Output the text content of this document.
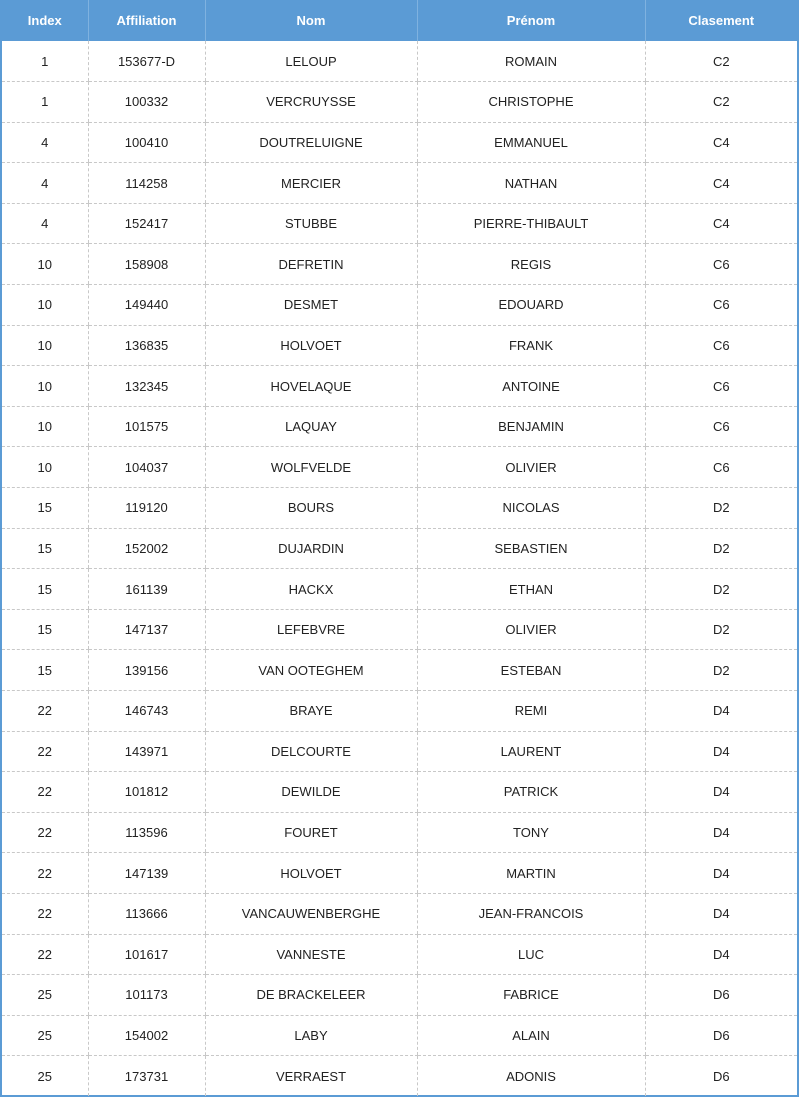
Index	Affiliation	Nom	Prénom	Clasement
1	153677-D	LELOUP	ROMAIN	C2
1	100332	VERCRUYSSE	CHRISTOPHE	C2
4	100410	DOUTRELUIGNE	EMMANUEL	C4
4	114258	MERCIER	NATHAN	C4
4	152417	STUBBE	PIERRE-THIBAULT	C4
10	158908	DEFRETIN	REGIS	C6
10	149440	DESMET	EDOUARD	C6
10	136835	HOLVOET	FRANK	C6
10	132345	HOVELAQUE	ANTOINE	C6
10	101575	LAQUAY	BENJAMIN	C6
10	104037	WOLFVELDE	OLIVIER	C6
15	119120	BOURS	NICOLAS	D2
15	152002	DUJARDIN	SEBASTIEN	D2
15	161139	HACKX	ETHAN	D2
15	147137	LEFEBVRE	OLIVIER	D2
15	139156	VAN OOTEGHEM	ESTEBAN	D2
22	146743	BRAYE	REMI	D4
22	143971	DELCOURTE	LAURENT	D4
22	101812	DEWILDE	PATRICK	D4
22	113596	FOURET	TONY	D4
22	147139	HOLVOET	MARTIN	D4
22	113666	VANCAUWENBERGHE	JEAN-FRANCOIS	D4
22	101617	VANNESTE	LUC	D4
25	101173	DE BRACKELEER	FABRICE	D6
25	154002	LABY	ALAIN	D6
25	173731	VERRAEST	ADONIS	D6
